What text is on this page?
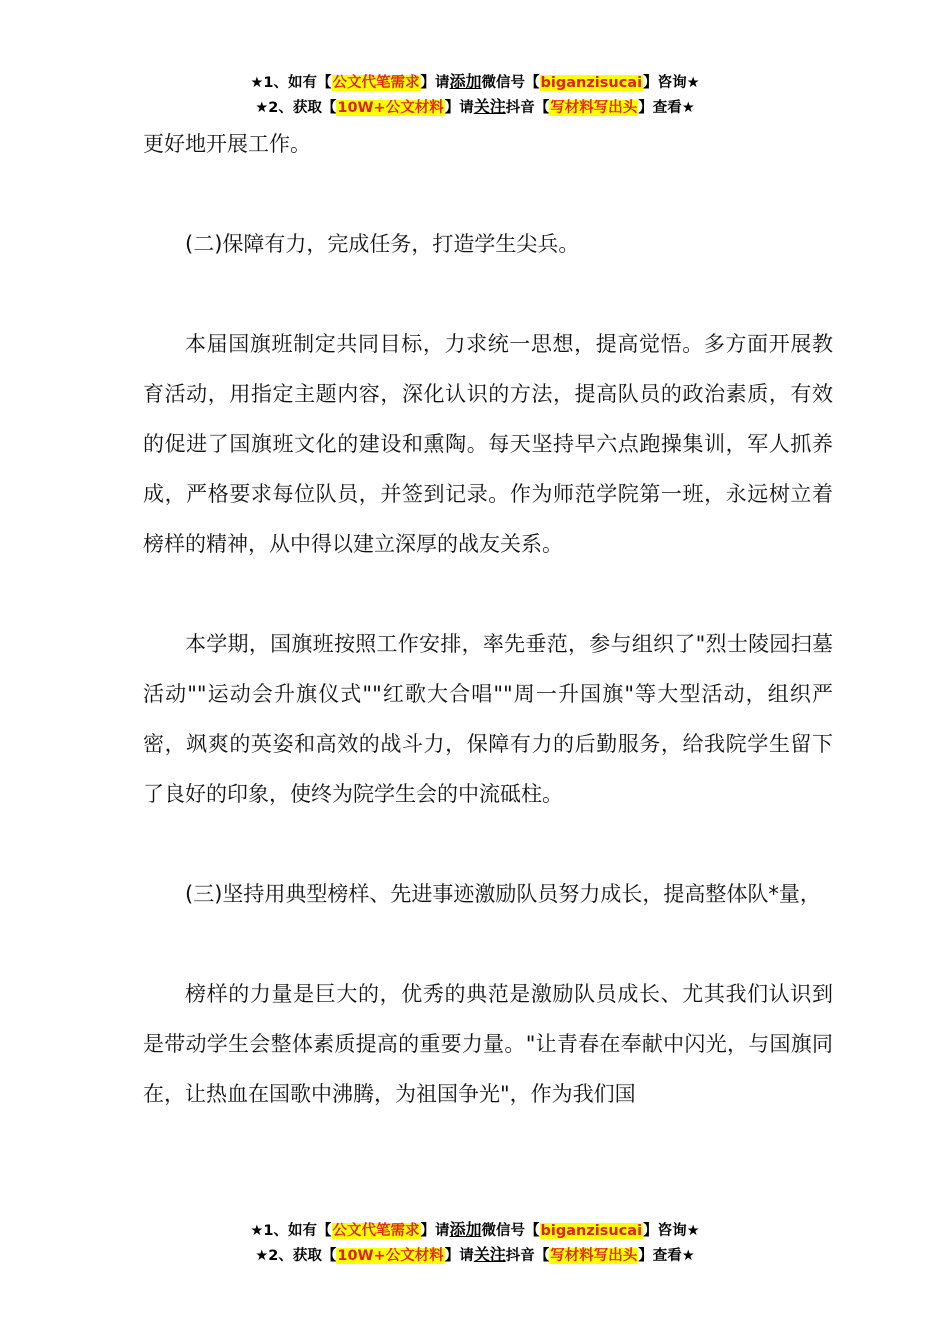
★1、如有【公文代笔需求】请添加微信号【biganzisucai】咨询★
★2、获取【10W+公文材料】请关注抖音【写材料写出头】查看★

更好地开展工作。

(二)保障有力，完成任务，打造学生尖兵。

本届国旗班制定共同目标，力求统一思想，提高觉悟。多方面开展教育活动，用指定主题内容，深化认识的方法，提高队员的政治素质，有效的促进了国旗班文化的建设和熏陶。每天坚持早六点跑操集训，军人抓养成，严格要求每位队员，并签到记录。作为师范学院第一班，永远树立着榜样的精神，从中得以建立深厚的战友关系。

本学期，国旗班按照工作安排，率先垂范，参与组织了"烈士陵园扫墓活动""运动会升旗仪式""红歌大合唱""周一升国旗"等大型活动，组织严密，飒爽的英姿和高效的战斗力，保障有力的后勤服务，给我院学生留下了良好的印象，使终为院学生会的中流砥柱。

(三)坚持用典型榜样、先进事迹激励队员努力成长，提高整体队*量，

榜样的力量是巨大的，优秀的典范是激励队员成长、尤其我们认识到是带动学生会整体素质提高的重要力量。"让青春在奉献中闪光，与国旗同在，让热血在国歌中沸腾，为祖国争光"，作为我们国

★1、如有【公文代笔需求】请添加微信号【biganzisucai】咨询★
★2、获取【10W+公文材料】请关注抖音【写材料写出头】查看★
